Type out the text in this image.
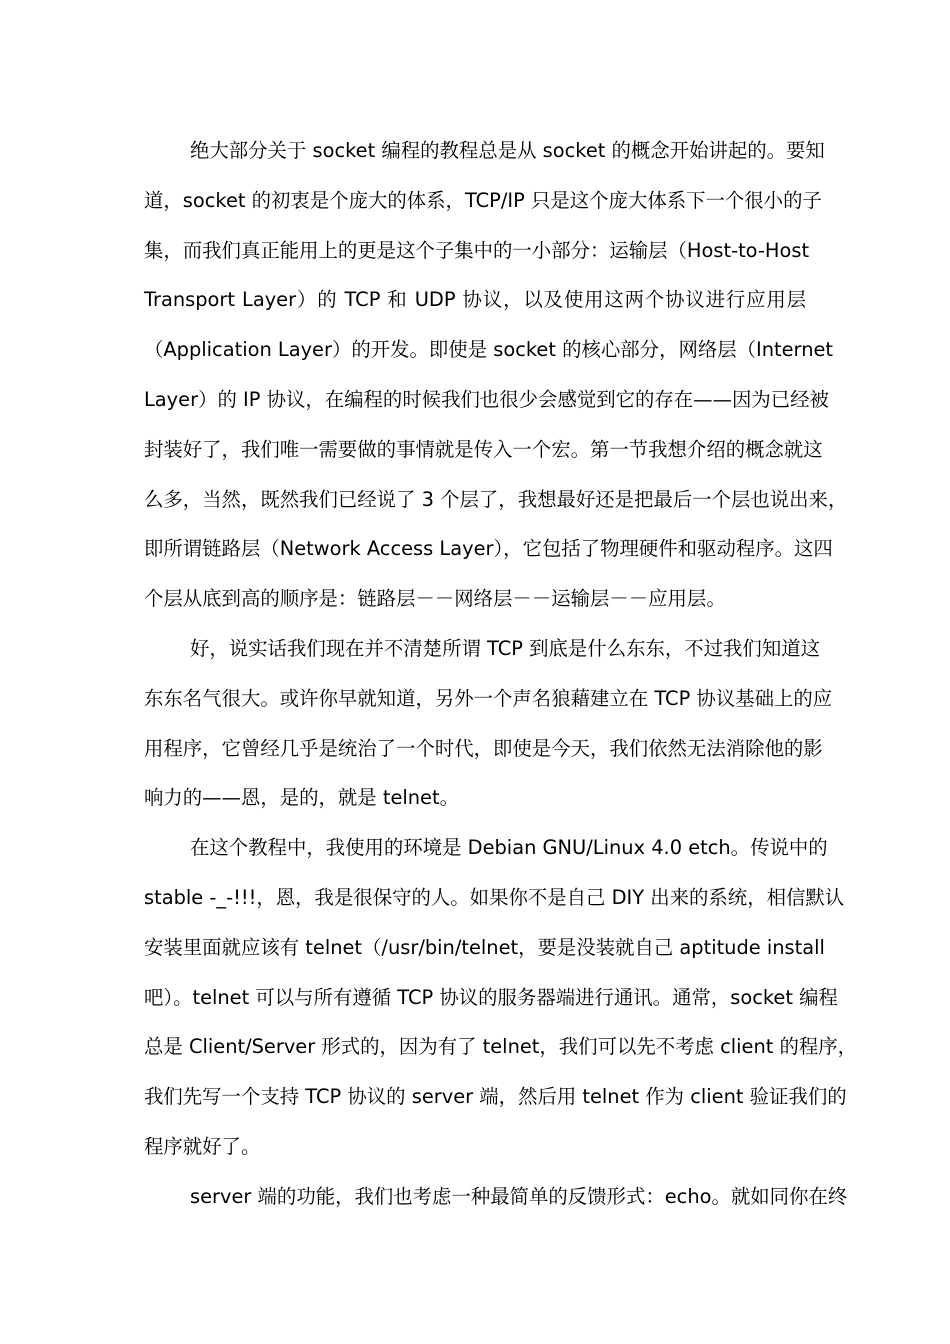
绝大部分关于 socket 编程的教程总是从 socket 的概念开始讲起的。要知
道，socket 的初衷是个庞大的体系，TCP/IP 只是这个庞大体系下一个很小的子
集，而我们真正能用上的更是这个子集中的一小部分：运输层（Host-to-Host
Transport Layer）的 TCP 和 UDP 协议，以及使用这两个协议进行应用层
（Application Layer）的开发。即使是 socket 的核心部分，网络层（Internet
Layer）的 IP 协议，在编程的时候我们也很少会感觉到它的存在——因为已经被
封装好了，我们唯一需要做的事情就是传入一个宏。第一节我想介绍的概念就这
么多，当然，既然我们已经说了 3 个层了，我想最好还是把最后一个层也说出来，
即所谓链路层（Network Access Layer），它包括了物理硬件和驱动程序。这四
个层从底到高的顺序是：链路层－－网络层－－运输层－－应用层。
好，说实话我们现在并不清楚所谓 TCP 到底是什么东东，不过我们知道这
东东名气很大。或许你早就知道，另外一个声名狼藉建立在 TCP 协议基础上的应
用程序，它曾经几乎是统治了一个时代，即使是今天，我们依然无法消除他的影
响力的——恩，是的，就是 telnet。
在这个教程中，我使用的环境是 Debian GNU/Linux 4.0 etch。传说中的
stable -_-!!!，恩，我是很保守的人。如果你不是自己 DIY 出来的系统，相信默认
安装里面就应该有 telnet（/usr/bin/telnet，要是没装就自己 aptitude install
吧）。telnet 可以与所有遵循 TCP 协议的服务器端进行通讯。通常，socket 编程
总是 Client/Server 形式的，因为有了 telnet，我们可以先不考虑 client 的程序，
我们先写一个支持 TCP 协议的 server 端，然后用 telnet 作为 client 验证我们的
程序就好了。
server 端的功能，我们也考虑一种最简单的反馈形式：echo。就如同你在终
